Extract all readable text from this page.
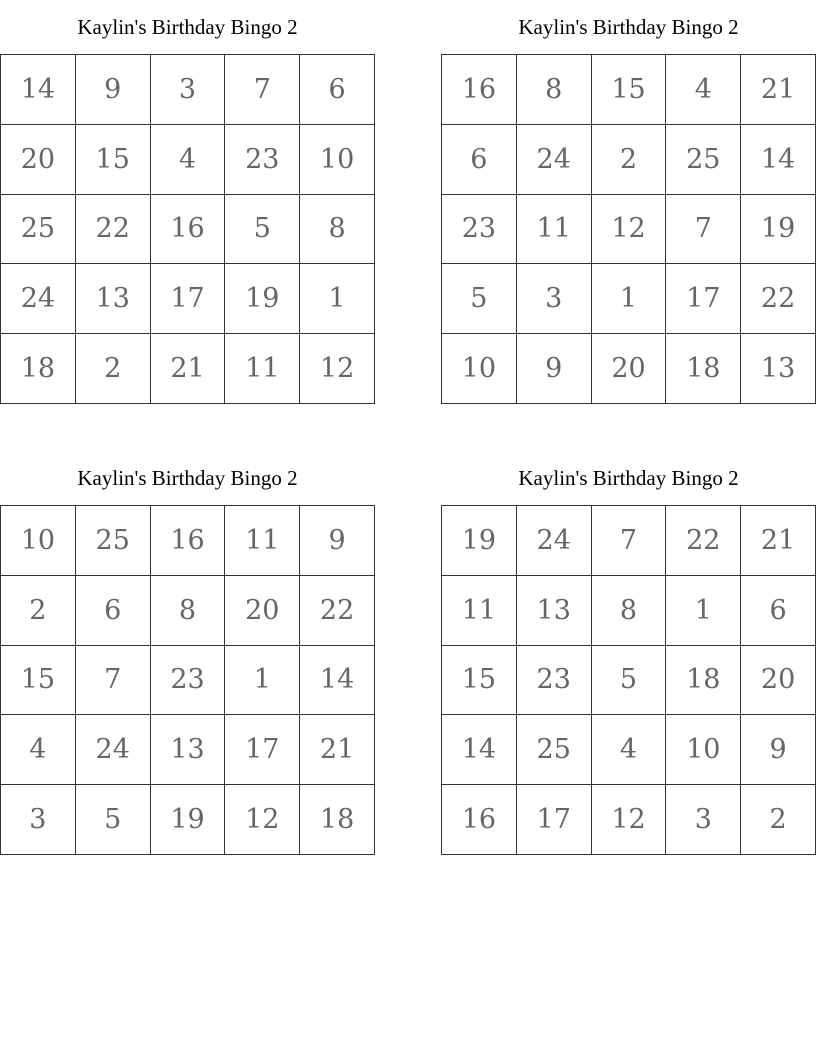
Kaylin's Birthday Bingo 2
14	9	3	7	6
20	15	4	23	10
25	22	16	5	8
24	13	17	19	1
18	2	21	11	12
Kaylin's Birthday Bingo 2
16	8	15	4	21
6	24	2	25	14
23	11	12	7	19
5	3	1	17	22
10	9	20	18	13
Kaylin's Birthday Bingo 2
10	25	16	11	9
2	6	8	20	22
15	7	23	1	14
4	24	13	17	21
3	5	19	12	18
Kaylin's Birthday Bingo 2
19	24	7	22	21
11	13	8	1	6
15	23	5	18	20
14	25	4	10	9
16	17	12	3	2
